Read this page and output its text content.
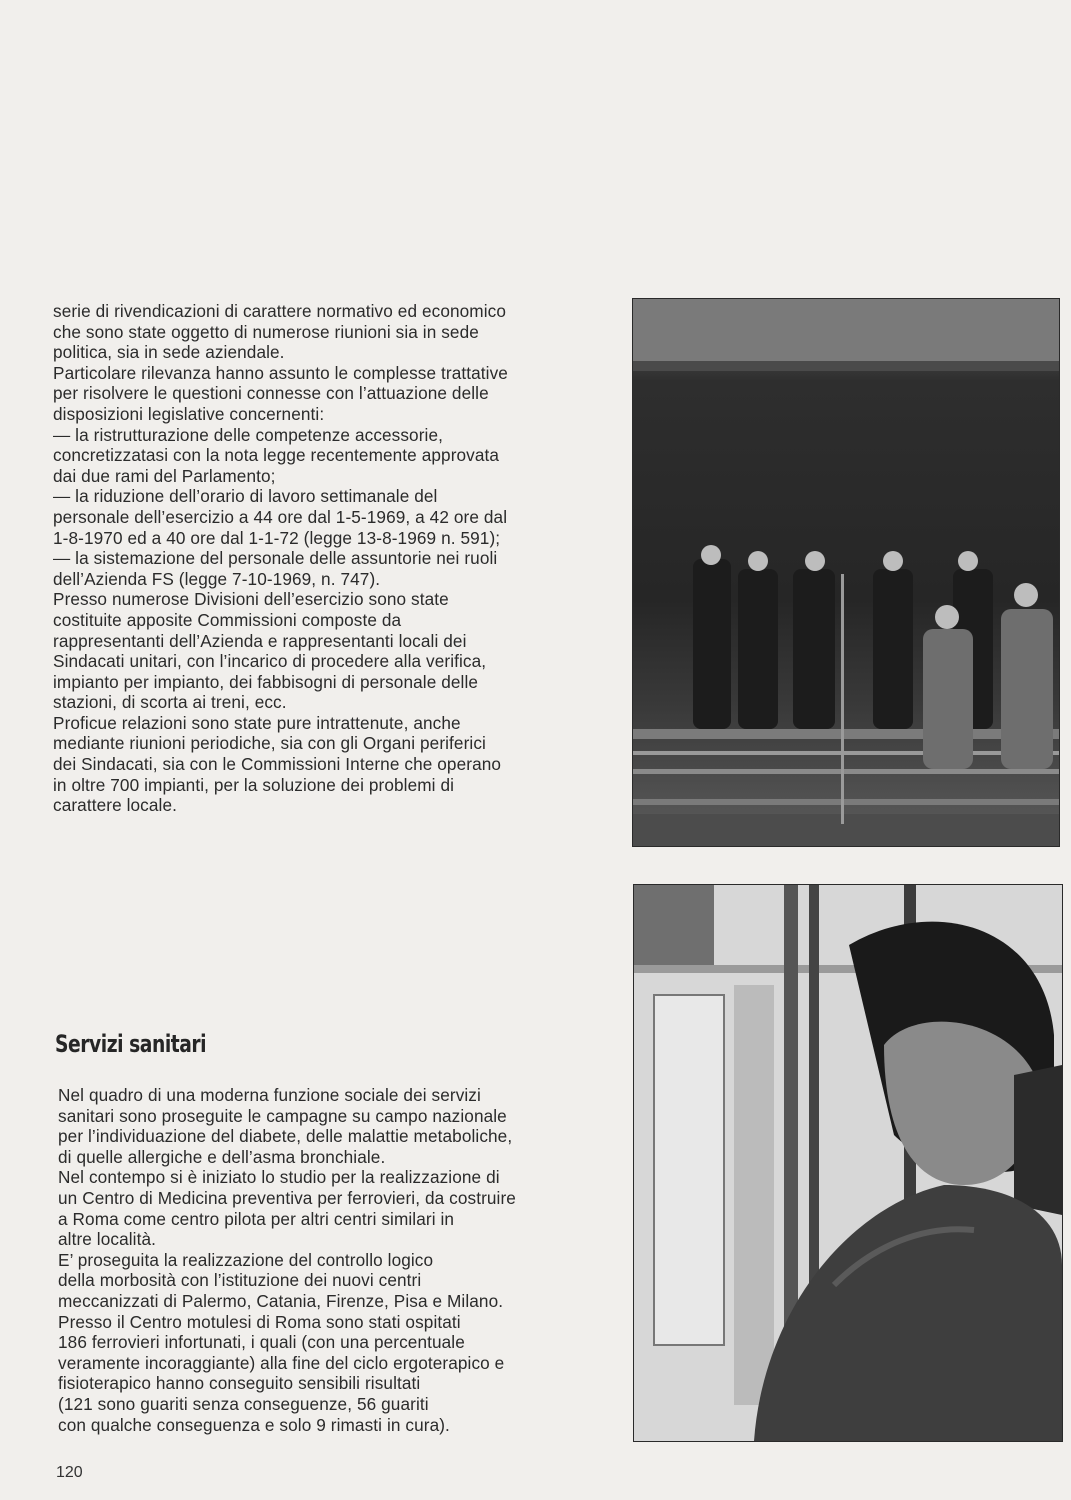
serie di rivendicazioni di carattere normativo ed economico
che sono state oggetto di numerose riunioni sia in sede
politica, sia in sede aziendale.
Particolare rilevanza hanno assunto le complesse trattative
per risolvere le questioni connesse con l’attuazione delle
disposizioni legislative concernenti:
— la ristrutturazione delle competenze accessorie,
concretizzatasi con la nota legge recentemente approvata
dai due rami del Parlamento;
— la riduzione dell’orario di lavoro settimanale del
personale dell’esercizio a 44 ore dal 1-5-1969, a 42 ore dal
1-8-1970 ed a 40 ore dal 1-1-72 (legge 13-8-1969 n. 591);
— la sistemazione del personale delle assuntorie nei ruoli
dell’Azienda FS (legge 7-10-1969, n. 747).
Presso numerose Divisioni dell’esercizio sono state
costituite apposite Commissioni composte da
rappresentanti dell’Azienda e rappresentanti locali dei
Sindacati unitari, con l’incarico di procedere alla verifica,
impianto per impianto, dei fabbisogni di personale delle
stazioni, di scorta ai treni, ecc.
Proficue relazioni sono state pure intrattenute, anche
mediante riunioni periodiche, sia con gli Organi periferici
dei Sindacati, sia con le Commissioni Interne che operano
in oltre 700 impianti, per la soluzione dei problemi di
carattere locale.
Servizi sanitari
Nel quadro di una moderna funzione sociale dei servizi
sanitari sono proseguite le campagne su campo nazionale
per l’individuazione del diabete, delle malattie metaboliche,
di quelle allergiche e dell’asma bronchiale.
Nel contempo si è iniziato lo studio per la realizzazione di
un Centro di Medicina preventiva per ferrovieri, da costruire
a Roma come centro pilota per altri centri similari in
altre località.
E’ proseguita la realizzazione del controllo logico
della morbosità con l’istituzione dei nuovi centri
meccanizzati di Palermo, Catania, Firenze, Pisa e Milano.
Presso il Centro motulesi di Roma sono stati ospitati
186 ferrovieri infortunati, i quali (con una percentuale
veramente incoraggiante) alla fine del ciclo ergoterapico e
fisioterapico hanno conseguito sensibili risultati
(121 sono guariti senza conseguenze, 56 guariti
con qualche conseguenza e solo 9 rimasti in cura).
120
